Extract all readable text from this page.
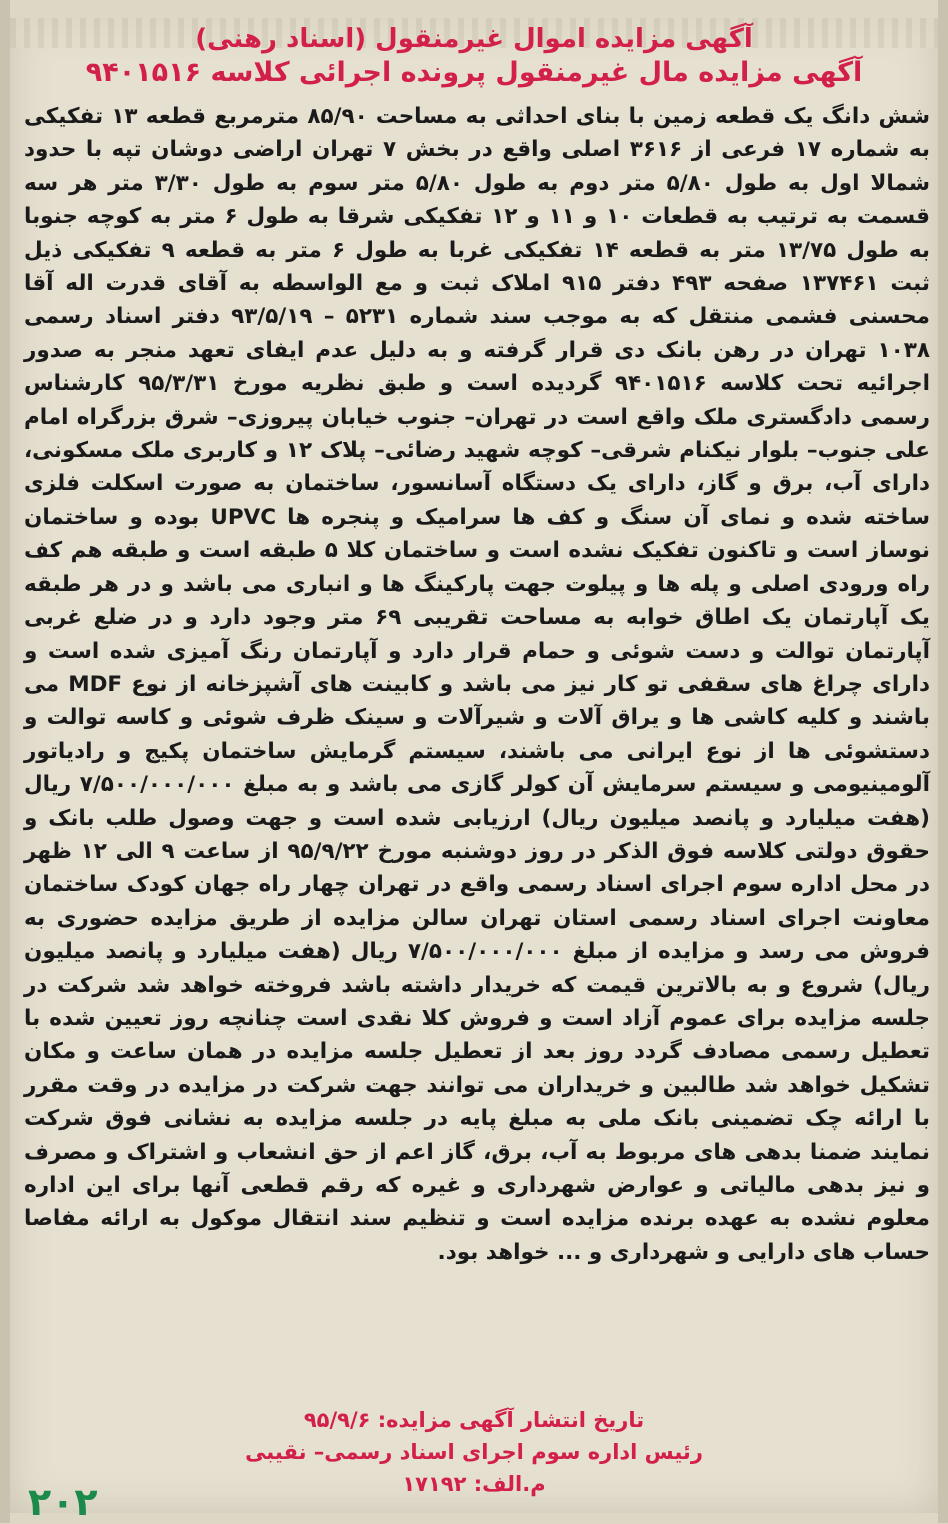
آگهی مزایده اموال غیرمنقول (اسناد رهنی)
آگهی مزایده مال غیرمنقول پرونده اجرائی کلاسه ۹۴۰۱۵۱۶
شش دانگ یک قطعه زمین با بنای احداثی به مساحت ۸۵/۹۰ مترمربع قطعه ۱۳ تفکیکی به شماره ۱۷ فرعی از ۳۶۱۶ اصلی واقع در بخش ۷ تهران اراضی دوشان تپه با حدود شمالا اول به طول ۵/۸۰ متر دوم به طول ۵/۸۰ متر سوم به طول ۳/۳۰ متر هر سه قسمت به ترتیب به قطعات ۱۰ و ۱۱ و ۱۲ تفکیکی شرقا به طول ۶ متر به کوچه جنوبا به طول ۱۳/۷۵ متر به قطعه ۱۴ تفکیکی غربا به طول ۶ متر به قطعه ۹ تفکیکی ذیل ثبت ۱۳۷۴۶۱ صفحه ۴۹۳ دفتر ۹۱۵ املاک ثبت و مع الواسطه به آقای قدرت اله آقا محسنی فشمی منتقل که به موجب سند شماره ۵۲۳۱ – ۹۳/۵/۱۹ دفتر اسناد رسمی ۱۰۳۸ تهران در رهن بانک دی قرار گرفته و به دلیل عدم ایفای تعهد منجر به صدور اجرائیه تحت کلاسه ۹۴۰۱۵۱۶ گردیده است و طبق نظریه مورخ ۹۵/۳/۳۱ کارشناس رسمی دادگستری ملک واقع است در تهران– جنوب خیابان پیروزی– شرق بزرگراه امام علی جنوب– بلوار نیکنام شرقی– کوچه شهید رضائی– پلاک ۱۲ و کاربری ملک مسکونی، دارای آب، برق و گاز، دارای یک دستگاه آسانسور، ساختمان به صورت اسکلت فلزی ساخته شده و نمای آن سنگ و کف ها سرامیک و پنجره ها UPVC بوده و ساختمان نوساز است و تاکنون تفکیک نشده است و ساختمان کلا ۵ طبقه است و طبقه هم کف راه ورودی اصلی و پله ها و پیلوت جهت پارکینگ ها و انباری می باشد و در هر طبقه یک آپارتمان یک اطاق خوابه به مساحت تقریبی ۶۹ متر وجود دارد و در ضلع غربی آپارتمان توالت و دست شوئی و حمام قرار دارد و آپارتمان رنگ آمیزی شده است و دارای چراغ های سقفی تو کار نیز می باشد و کابینت های آشپزخانه از نوع MDF می باشند و کلیه کاشی ها و یراق آلات و شیرآلات و سینک ظرف شوئی و کاسه توالت و دستشوئی ها از نوع ایرانی می باشند، سیستم گرمایش ساختمان پکیج و رادیاتور آلومینیومی و سیستم سرمایش آن کولر گازی می باشد و به مبلغ ۷/۵۰۰/۰۰۰/۰۰۰ ریال (هفت میلیارد و پانصد میلیون ریال) ارزیابی شده است و جهت وصول طلب بانک و حقوق دولتی کلاسه فوق الذکر در روز دوشنبه مورخ ۹۵/۹/۲۲ از ساعت ۹ الی ۱۲ ظهر در محل اداره سوم اجرای اسناد رسمی واقع در تهران چهار راه جهان کودک ساختمان معاونت اجرای اسناد رسمی استان تهران سالن مزایده از طریق مزایده حضوری به فروش می رسد و مزایده از مبلغ ۷/۵۰۰/۰۰۰/۰۰۰ ریال (هفت میلیارد و پانصد میلیون ریال) شروع و به بالاترین قیمت که خریدار داشته باشد فروخته خواهد شد شرکت در جلسه مزایده برای عموم آزاد است و فروش کلا نقدی است چنانچه روز تعیین شده با تعطیل رسمی مصادف گردد روز بعد از تعطیل جلسه مزایده در همان ساعت و مکان تشکیل خواهد شد طالبین و خریداران می توانند جهت شرکت در مزایده در وقت مقرر با ارائه چک تضمینی بانک ملی به مبلغ پایه در جلسه مزایده به نشانی فوق شرکت نمایند ضمنا بدهی های مربوط به آب، برق، گاز اعم از حق انشعاب و اشتراک و مصرف و نیز بدهی مالیاتی و عوارض شهرداری و غیره که رقم قطعی آنها برای این اداره معلوم نشده به عهده برنده مزایده است و تنظیم سند انتقال موکول به ارائه مفاصا حساب های دارایی و شهرداری و ... خواهد بود.
تاریخ انتشار آگهی مزایده: ۹۵/۹/۶
رئیس اداره سوم اجرای اسناد رسمی– نقیبی
م.الف: ۱۷۱۹۲
۲۰۲
